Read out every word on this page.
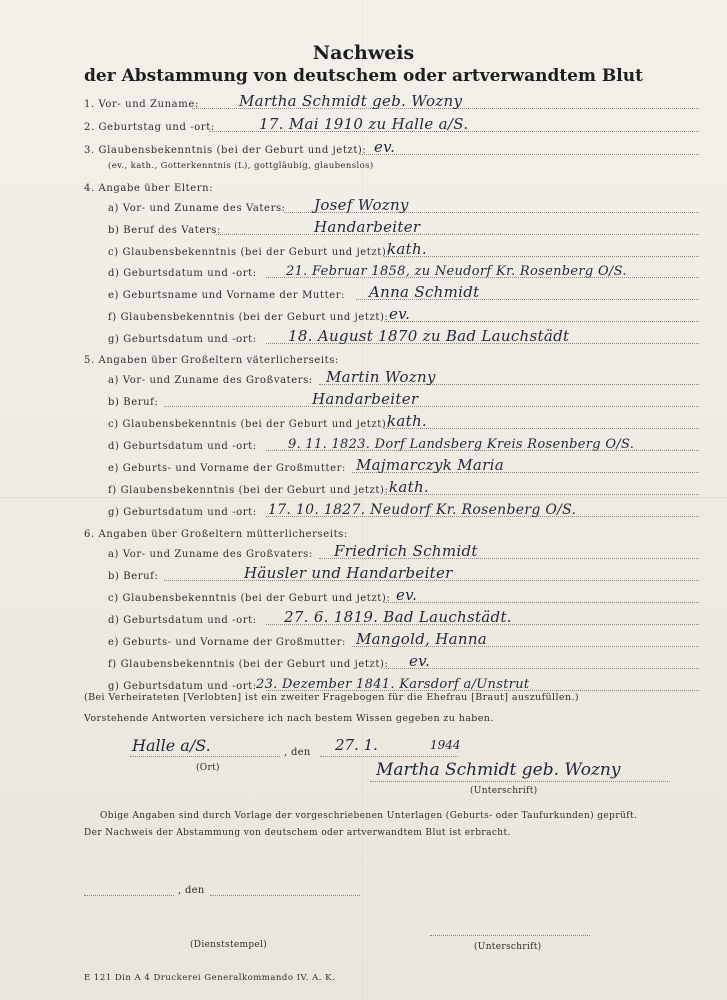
Nachweis
der Abstammung von deutschem oder artverwandtem Blut
1. Vor- und Zuname:	Martha Schmidt geb. Wozny
2. Geburtstag und -ort:	17. Mai 1910 zu Halle a/S.
3. Glaubensbekenntnis (bei der Geburt und jetzt): ev.
(ev., kath., Gotterkenntnis (L), gottgläubig, glaubenslos)
4. Angabe über Eltern:
a) Vor- und Zuname des Vaters: Josef Wozny
b) Beruf des Vaters:	Handarbeiter
c) Glaubensbekenntnis (bei der Geburt und jetzt):
kath.
d) Geburtsdatum und -ort: 21. Februar 1858, zu Neudorf Kr. Rosenberg O/S.
e) Geburtsname und Vorname der Mutter: Anna Schmidt
f) Glaubensbekenntnis (bei der Geburt und jetzt): ev.
g) Geburtsdatum und -ort: 18. August 1870 zu Bad Lauchstädt
5. Angaben über Großeltern väterlicherseits:
a) Vor- und Zuname des Großvaters: Martin Wozny
b) Beruf:	Handarbeiter
c) Glaubensbekenntnis (bei der Geburt und jetzt):
kath.
d) Geburtsdatum und -ort: 9. 11. 1823. Dorf Landsberg Kreis Rosenberg O/S.
e) Geburts- und Vorname der Großmutter: Majmarczyk Maria
f) Glaubensbekenntnis (bei der Geburt und jetzt): kath.
g) Geburtsdatum und -ort: 17. 10. 1827. Neudorf Kr. Rosenberg O/S.
6. Angaben über Großeltern mütterlicherseits:
a) Vor- und Zuname des Großvaters: Friedrich Schmidt
b) Beruf:	Häusler und Handarbeiter
c) Glaubensbekenntnis (bei der Geburt und jetzt): ev.
d) Geburtsdatum und -ort: 27. 6. 1819. Bad Lauchstädt.
e) Geburts- und Vorname der Großmutter: Mangold, Hanna
f) Glaubensbekenntnis (bei der Geburt und jetzt): ev.
g) Geburtsdatum und -ort: 23. Dezember 1841. Karsdorf a/Unstrut
(Bei Verheirateten [Verlobten] ist ein zweiter Fragebogen für die Ehefrau [Braut] auszufüllen.)
Vorstehende Antworten versichere ich nach bestem Wissen gegeben zu haben.
Halle a/S.
(Ort)
, den 27. 1.	1944
Martha Schmidt geb. Wozny
(Unterschrift)
Obige Angaben sind durch Vorlage der vorgeschriebenen Unterlagen (Geburts- oder Taufurkunden) geprüft.
Der Nachweis der Abstammung von deutschem oder artverwandtem Blut ist erbracht.
, den
(Dienststempel)	(Unterschrift)
E 121 Din A 4 Druckerei Generalkommando IV. A. K.
